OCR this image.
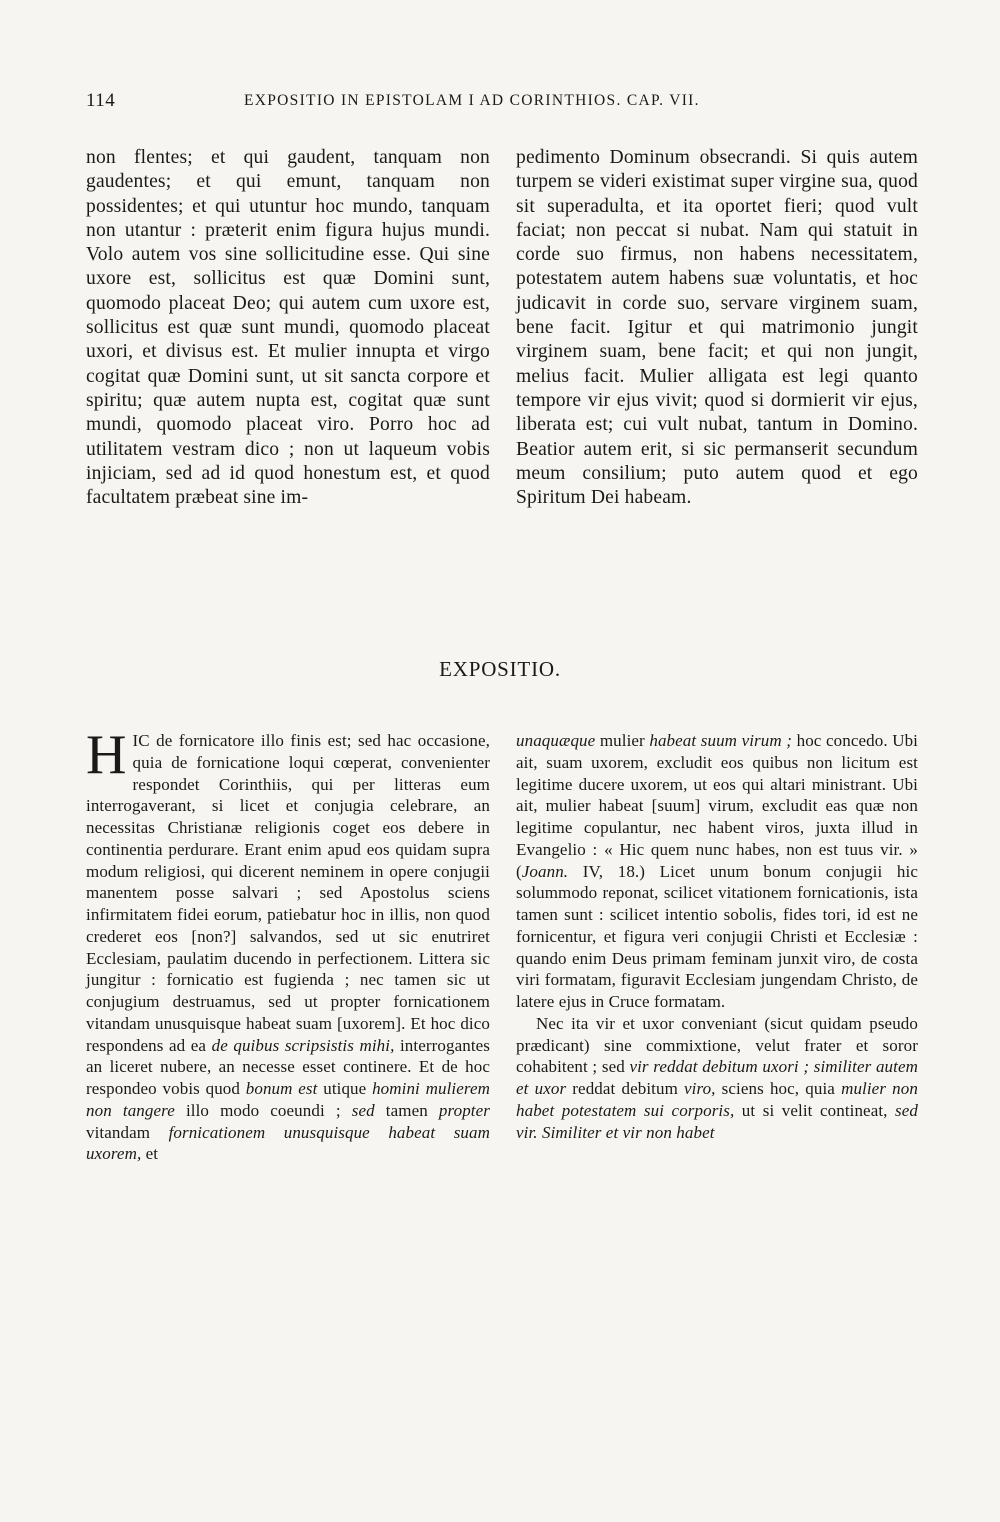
114	EXPOSITIO IN EPISTOLAM I AD CORINTHIOS. CAP. VII.

non flentes; et qui gaudent, tanquam non gaudentes; et qui emunt, tanquam non possidentes; et qui utuntur hoc mundo, tanquam non utantur : præterit enim figura hujus mundi. Volo autem vos sine sollicitudine esse. Qui sine uxore est, sollicitus est quæ Domini sunt, quomodo placeat Deo; qui autem cum uxore est, sollicitus est quæ sunt mundi, quomodo placeat uxori, et divisus est. Et mulier innupta et virgo cogitat quæ Domini sunt, ut sit sancta corpore et spiritu; quæ autem nupta est, cogitat quæ sunt mundi, quomodo placeat viro. Porro hoc ad utilitatem vestram dico ; non ut laqueum vobis injiciam, sed ad id quod honestum est, et quod facultatem præbeat sine im-

pedimento Dominum obsecrandi. Si quis autem turpem se videri existimat super virgine sua, quod sit superadulta, et ita oportet fieri; quod vult faciat; non peccat si nubat. Nam qui statuit in corde suo firmus, non habens necessitatem, potestatem autem habens suæ voluntatis, et hoc judicavit in corde suo, servare virginem suam, bene facit. Igitur et qui matrimonio jungit virginem suam, bene facit; et qui non jungit, melius facit. Mulier alligata est legi quanto tempore vir ejus vivit; quod si dormierit vir ejus, liberata est; cui vult nubat, tantum in Domino. Beatior autem erit, si sic permanserit secundum meum consilium; puto autem quod et ego Spiritum Dei habeam.

EXPOSITIO.

HIC de fornicatore illo finis est; sed hac occasione, quia de fornicatione loqui cœperat, convenienter respondet Corinthiis, qui per litteras eum interrogaverant, si licet et conjugia celebrare, an necessitas Christianæ religionis coget eos debere in continentia perdurare. Erant enim apud eos quidam supra modum religiosi, qui dicerent neminem in opere conjugii manentem posse salvari ; sed Apostolus sciens infirmitatem fidei eorum, patiebatur hoc in illis, non quod crederet eos [non?] salvandos, sed ut sic enutriret Ecclesiam, paulatim ducendo in perfectionem. Littera sic jungitur : fornicatio est fugienda ; nec tamen sic ut conjugium destruamus, sed ut propter fornicationem vitandam unusquisque habeat suam [uxorem]. Et hoc dico respondens ad ea de quibus scripsistis mihi, interrogantes an liceret nubere, an necesse esset continere. Et de hoc respondeo vobis quod bonum est utique homini mulierem non tangere illo modo coeundi ; sed tamen propter vitandam fornicationem unusquisque habeat suam uxorem, et

unaquæque mulier habeat suum virum ; hoc concedo. Ubi ait, suam uxorem, excludit eos quibus non licitum est legitime ducere uxorem, ut eos qui altari ministrant. Ubi ait, mulier habeat [suum] virum, excludit eas quæ non legitime copulantur, nec habent viros, juxta illud in Evangelio : « Hic quem nunc habes, non est tuus vir. » (Joann. IV, 18.) Licet unum bonum conjugii hic solummodo reponat, scilicet vitationem fornicationis, ista tamen sunt : scilicet intentio sobolis, fides tori, id est ne fornicentur, et figura veri conjugii Christi et Ecclesiæ : quando enim Deus primam feminam junxit viro, de costa viri formatam, figuravit Ecclesiam jungendam Christo, de latere ejus in Cruce formatam.

Nec ita vir et uxor conveniant (sicut quidam pseudo prædicant) sine commixtione, velut frater et soror cohabitent ; sed vir reddat debitum uxori ; similiter autem et uxor reddat debitum viro, sciens hoc, quia mulier non habet potestatem sui corporis, ut si velit contineat, sed vir. Similiter et vir non habet
